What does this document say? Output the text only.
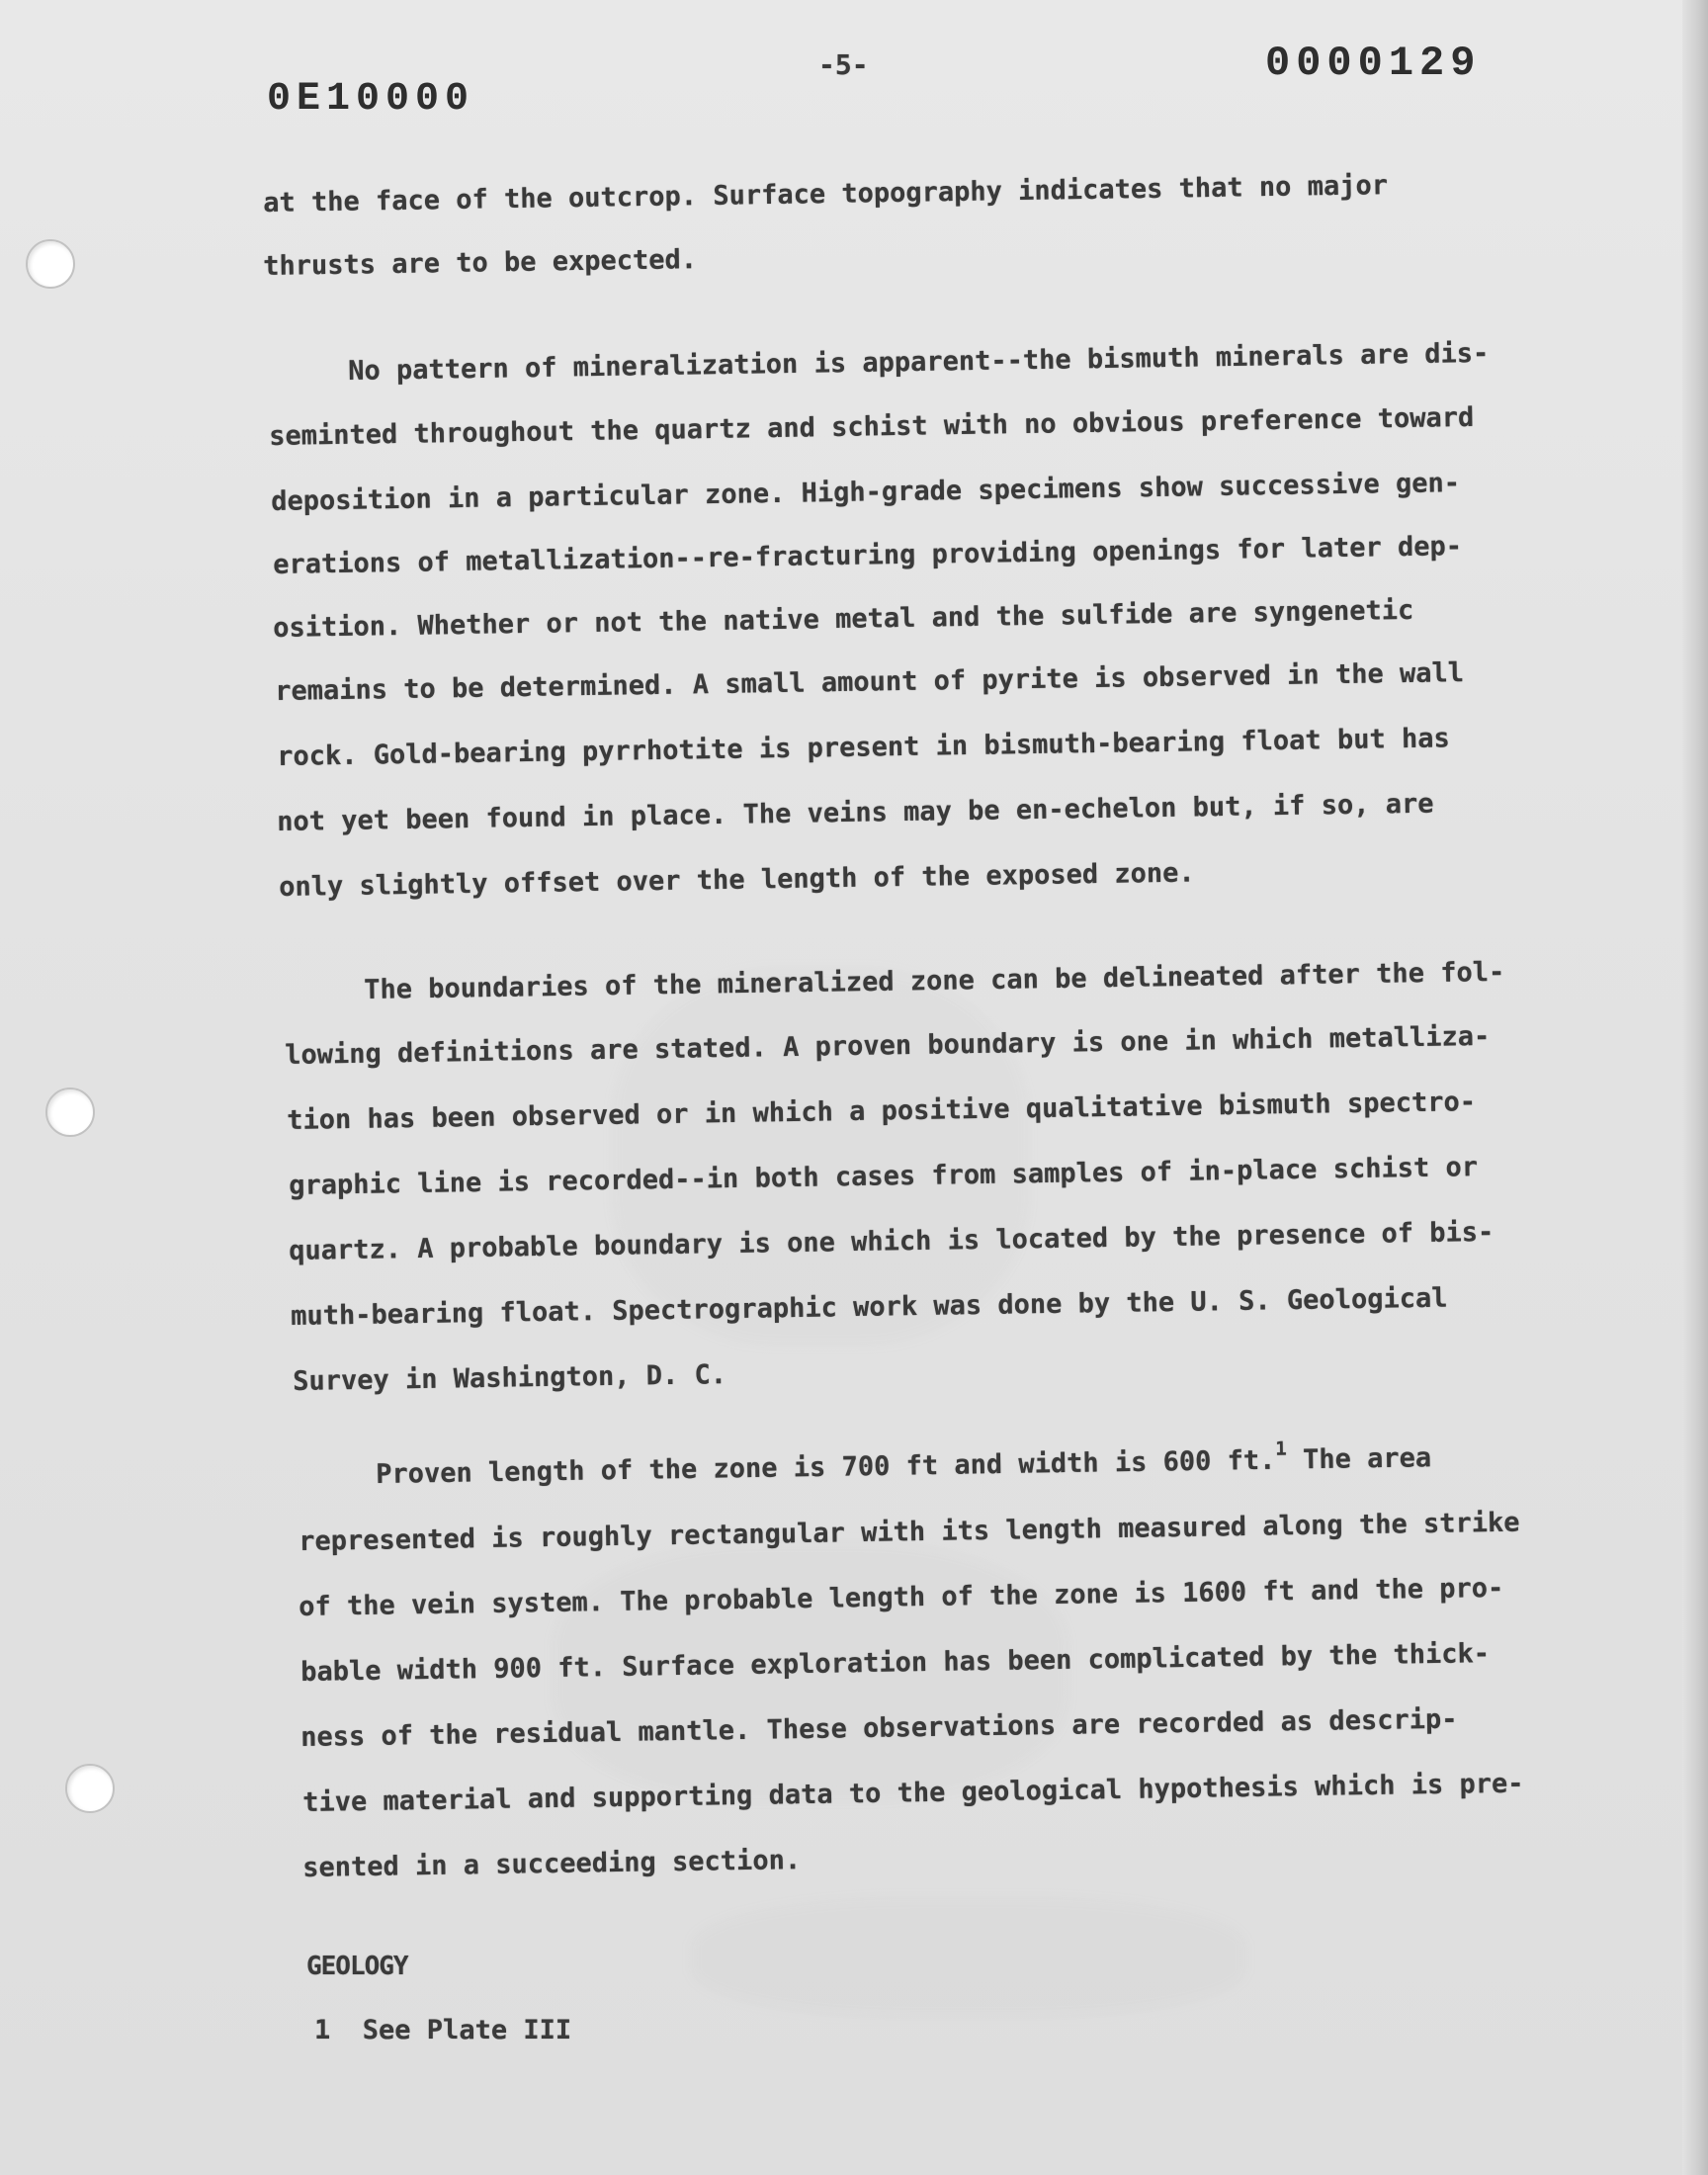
-5-
0E10000
0000129
at the face of the outcrop. Surface topography indicates that no major
thrusts are to be expected.
No pattern of mineralization is apparent--the bismuth minerals are dis-
seminted throughout the quartz and schist with no obvious preference toward
deposition in a particular zone. High-grade specimens show successive gen-
erations of metallization--re-fracturing providing openings for later dep-
osition. Whether or not the native metal and the sulfide are syngenetic
remains to be determined. A small amount of pyrite is observed in the wall
rock. Gold-bearing pyrrhotite is present in bismuth-bearing float but has
not yet been found in place. The veins may be en-echelon but, if so, are
only slightly offset over the length of the exposed zone.
The boundaries of the mineralized zone can be delineated after the fol-
lowing definitions are stated. A proven boundary is one in which metalliza-
tion has been observed or in which a positive qualitative bismuth spectro-
graphic line is recorded--in both cases from samples of in-place schist or
quartz. A probable boundary is one which is located by the presence of bis-
muth-bearing float. Spectrographic work was done by the U. S. Geological
Survey in Washington, D. C.
Proven length of the zone is 700 ft and width is 600 ft.$^1$ The area
represented is roughly rectangular with its length measured along the strike
of the vein system. The probable length of the zone is 1600 ft and the pro-
bable width 900 ft. Surface exploration has been complicated by the thick-
ness of the residual mantle. These observations are recorded as descrip-
tive material and supporting data to the geological hypothesis which is pre-
sented in a succeeding section.
GEOLOGY
1 See Plate III
